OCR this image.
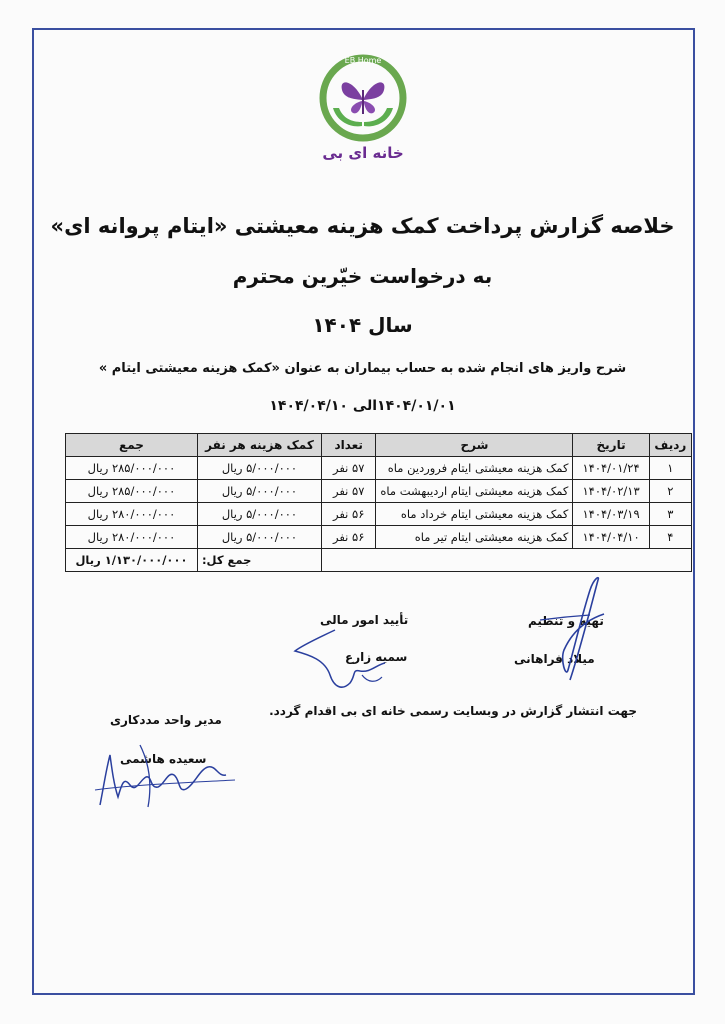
EB Home
خانه ای بی
خلاصه گزارش پرداخت کمک هزینه معیشتی «ایتام پروانه ای»
به درخواست خیّرین محترم
سال ۱۴۰۴
شرح واریز های انجام شده به حساب بیماران به عنوان «کمک هزینه معیشتی ایتام »
۱۴۰۴/۰۱/۰۱الی ۱۴۰۴/۰۴/۱۰
ردیف	تاریخ	شرح	تعداد	کمک هزینه هر نفر	جمع
۱	۱۴۰۴/۰۱/۲۴	کمک هزینه معیشتی ایتام فروردین ماه	۵۷ نفر	۵/۰۰۰/۰۰۰ ریال	۲۸۵/۰۰۰/۰۰۰ ریال
۲	۱۴۰۴/۰۲/۱۳	کمک هزینه معیشتی ایتام اردیبهشت ماه	۵۷ نفر	۵/۰۰۰/۰۰۰ ریال	۲۸۵/۰۰۰/۰۰۰ ریال
۳	۱۴۰۴/۰۳/۱۹	کمک هزینه معیشتی ایتام خرداد ماه	۵۶ نفر	۵/۰۰۰/۰۰۰ ریال	۲۸۰/۰۰۰/۰۰۰ ریال
۴	۱۴۰۴/۰۴/۱۰	کمک هزینه معیشتی ایتام تیر ماه	۵۶ نفر	۵/۰۰۰/۰۰۰ ریال	۲۸۰/۰۰۰/۰۰۰ ریال
				جمع کل:	۱/۱۳۰/۰۰۰/۰۰۰ ریال
تهیه و تنظیم
میلاد فراهانی
تأیید امور مالی
سمیه زارع
جهت انتشار گزارش در وبسایت رسمی خانه ای بی اقدام گردد.
مدیر واحد مددکاری
سعیده هاشمی
